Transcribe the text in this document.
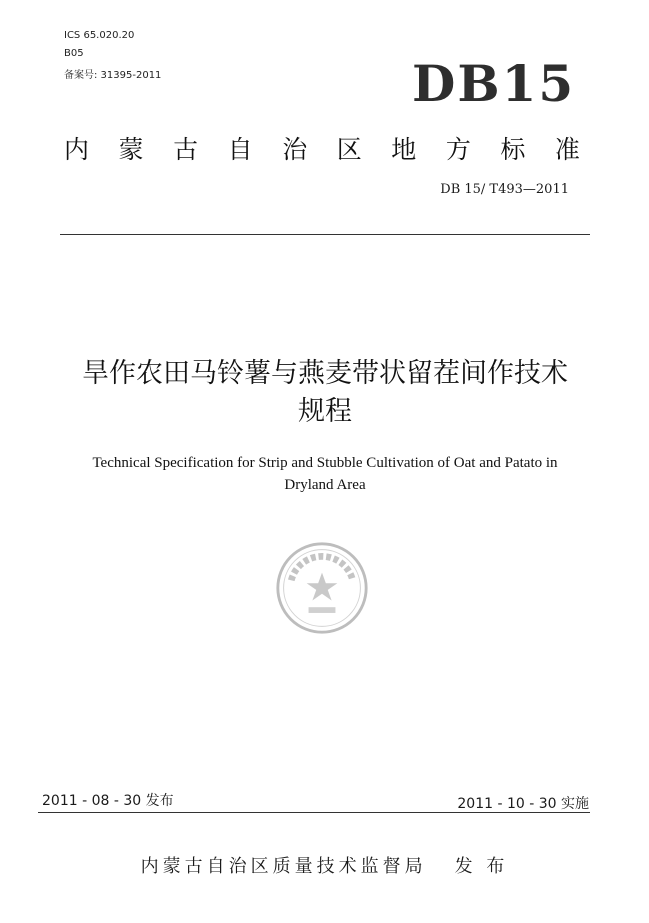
ICS 65.020.20
B05
备案号: 31395-2011	DB15
内 蒙 古 自 治 区 地 方 标 准
DB 15/ T493—2011
旱作农田马铃薯与燕麦带状留茬间作技术
规程
Technical Specification for Strip and Stubble Cultivation of Oat and Patato in
Dryland Area
2011 - 08 - 30 发布	2011 - 10 - 30 实施
内蒙古自治区质量技术监督局 发 布
